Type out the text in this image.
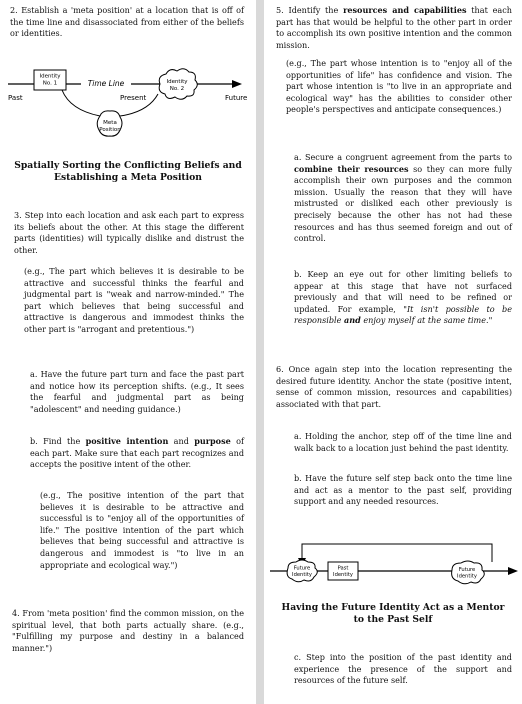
2. Establish a 'meta position' at a location that is off of the time line and disassociated from either of the beliefs or identities.

Identity
No. 1	Time Line	Identity
No. 2
Past	Present	Future
Meta
Position
Spatially Sorting the Conflicting Beliefs and
Establishing a Meta Position

3. Step into each location and ask each part to express its beliefs about the other. At this stage the different parts (identities) will typically dislike and distrust the other.

(e.g., The part which believes it is desirable to be attractive and successful thinks the fearful and judgmental part is "weak and narrow-minded." The part which believes that being successful and attractive is dangerous and immodest thinks the other part is "arrogant and pretentious.")

a. Have the future part turn and face the past part and notice how its perception shifts. (e.g., It sees the fearful and judgmental part as being "adolescent" and needing guidance.)

b. Find the positive intention and purpose of each part. Make sure that each part recognizes and accepts the positive intent of the other.

(e.g., The positive intention of the part that believes it is desirable to be attractive and successful is to "enjoy all of the opportunities of life." The positive intention of the part which believes that being successful and attractive is dangerous and immodest is "to live in an appropriate and ecological way.")

4. From 'meta position' find the common mission, on the spiritual level, that both parts actually share. (e.g., "Fulfilling my purpose and destiny in a balanced manner.")

5. Identify the resources and capabilities that each part has that would be helpful to the other part in order to accomplish its own positive intention and the common mission.

(e.g., The part whose intention is to "enjoy all of the opportunities of life" has confidence and vision. The part whose intention is "to live in an appropriate and ecological way" has the abilities to consider other people's perspectives and anticipate consequences.)

a. Secure a congruent agreement from the parts to combine their resources so they can more fully accomplish their own purposes and the common mission. Usually the reason that they will have mistrusted or disliked each other previously is precisely because the other has not had these resources and has thus seemed foreign and out of control.

b. Keep an eye out for other limiting beliefs to appear at this stage that have not surfaced previously and that will need to be refined or updated. For example, "It isn't possible to be responsible and enjoy myself at the same time."

6. Once again step into the location representing the desired future identity. Anchor the state (positive intent, sense of common mission, resources and capabilities) associated with that part.

a. Holding the anchor, step off of the time line and walk back to a location just behind the past identity.

b. Have the future self step back onto the time line and act as a mentor to the past self, providing support and any needed resources.

Future
Identity
Past
Identity
Future
Identity
Having the Future Identity Act as a Mentor
to the Past Self

c. Step into the position of the past identity and experience the presence of the support and resources of the future self.
